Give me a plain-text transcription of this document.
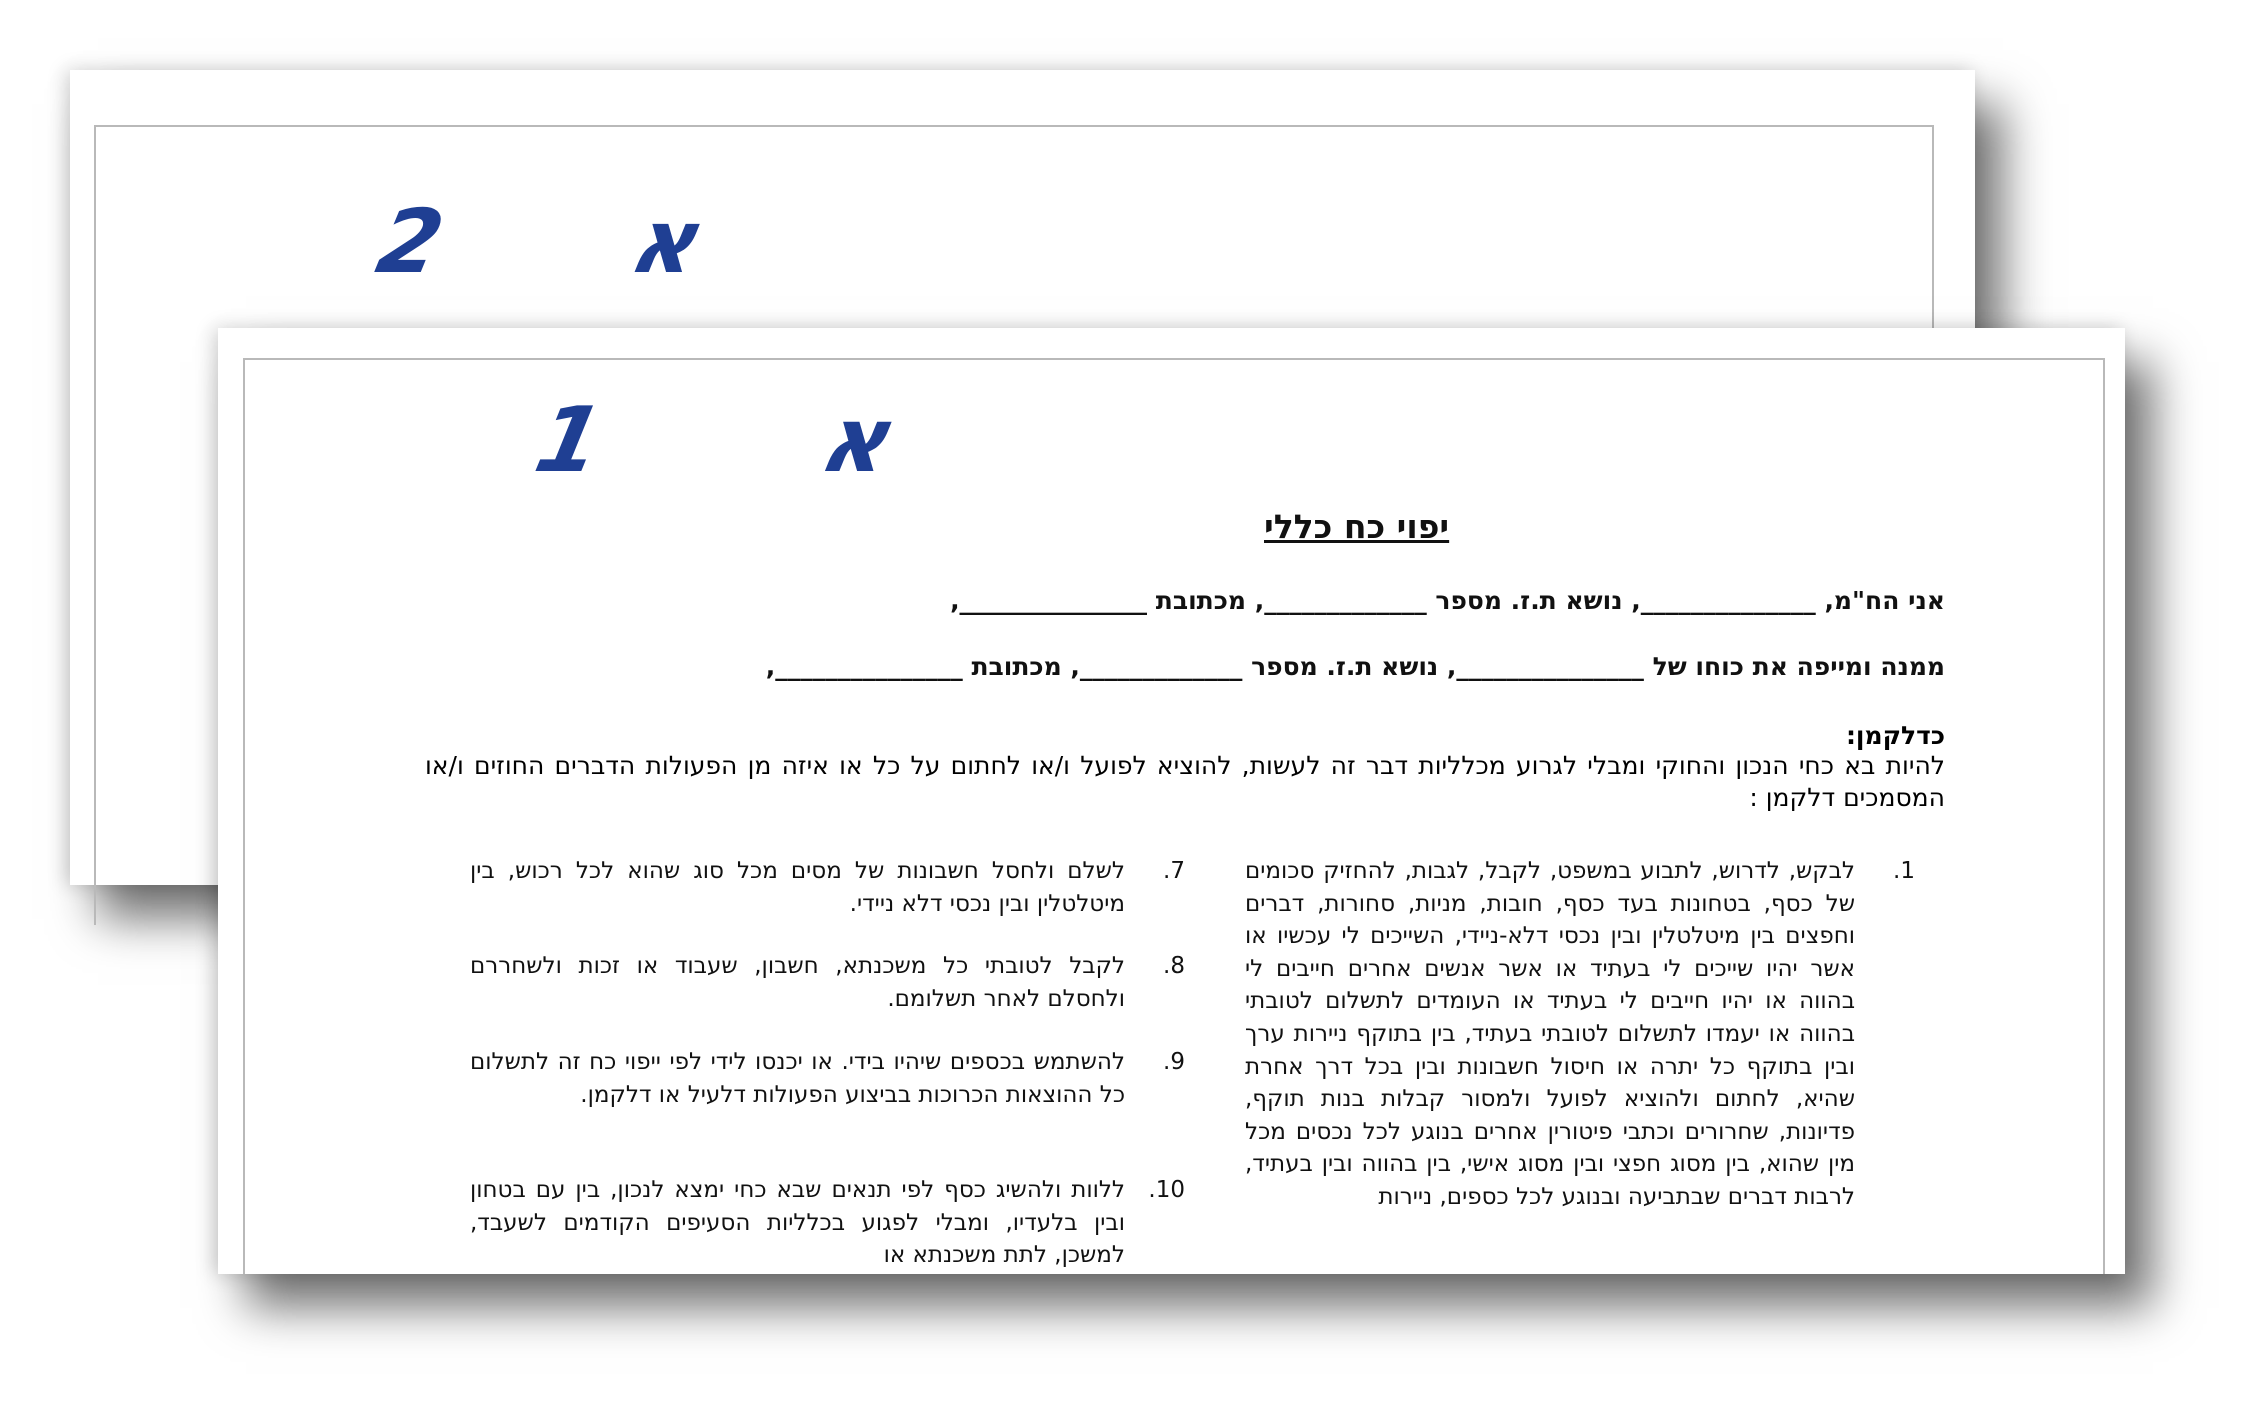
א 2
א 1
יפוי כח כללי
אני הח"מ, ______________, נושא ת.ז. מספר _____________, מכתובת _______________,
ממנה ומייפה את כוחו של _______________, נושא ת.ז. מספר _____________, מכתובת _______________,
כדלקמן:
להיות בא כחי הנכון והחוקי ומבלי לגרוע מכלליות דבר זה לעשות, להוציא לפועל ו/או לחתום על כל או איזה מן הפעולות הדברים החוזים ו/או המסמכים דלקמן :
1.
לבקש, לדרוש, לתבוע במשפט, לקבל, לגבות, להחזיק סכומים של כסף, בטחונות בעד כסף, חובות, מניות, סחורות, דברים וחפצים בין מיטלטלין ובין נכסי דלא-ניידי, השייכים לי עכשיו או אשר יהיו שייכים לי בעתיד או אשר אנשים אחרים חייבים לי בהווה או יהיו חייבים לי בעתיד או העומדים לתשלום לטובתי בהווה או יעמדו לתשלום לטובתי בעתיד, בין בתוקף ניירות ערך ובין בתוקף כל יתרה או חיסול חשבונות ובין בכל דרך אחרת שהיא, לחתום ולהוציא לפועל ולמסור קבלות בנות תוקף, פדיונות, שחרורים וכתבי פיטורין אחרים בנוגע לכל נכסים מכל מין שהוא, בין מסוג חפצי ובין מסוג אישי, בין בהווה ובין בעתיד, לרבות דברים שבתביעה ובנוגע לכל כספים, ניירות
7.
לשלם ולחסל חשבונות של מסים מכל סוג שהוא לכל רכוש, בין מיטלטלין ובין נכסי דלא ניידי.
8.
לקבל לטובתי כל משכנתא, חשבון, שעבוד או זכות ולשחררם ולחסלם לאחר תשלומם.
9.
להשתמש בכספים שיהיו בידי. או יכנסו לידי לפי ייפוי כח זה לתשלום כל ההוצאות הכרוכות בביצוע הפעולות דלעיל או דלקמן.
10.
ללוות ולהשיג כסף לפי תנאים שבא כחי ימצא לנכון, בין עם בטחון ובין בלעדיו, ומבלי לפגוע בכלליות הסעיפים הקודמים לשעבד, למשכן, לתת משכנתא או
